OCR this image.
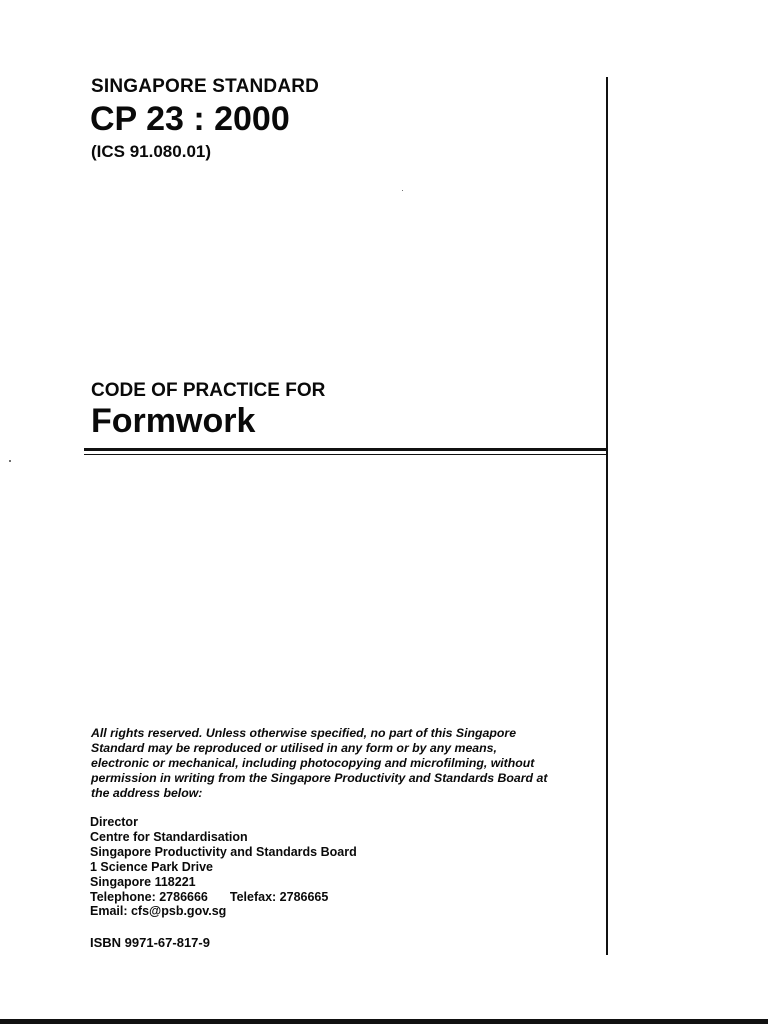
SINGAPORE STANDARD
CP 23 : 2000
(ICS 91.080.01)
CODE OF PRACTICE FOR
Formwork
All rights reserved. Unless otherwise specified, no part of this Singapore
Standard may be reproduced or utilised in any form or by any means,
electronic or mechanical, including photocopying and microfilming, without
permission in writing from the Singapore Productivity and Standards Board at
the address below:
Director
Centre for Standardisation
Singapore Productivity and Standards Board
1 Science Park Drive
Singapore 118221
Telephone: 2786666 Telefax: 2786665
Email: cfs@psb.gov.sg
ISBN 9971-67-817-9
